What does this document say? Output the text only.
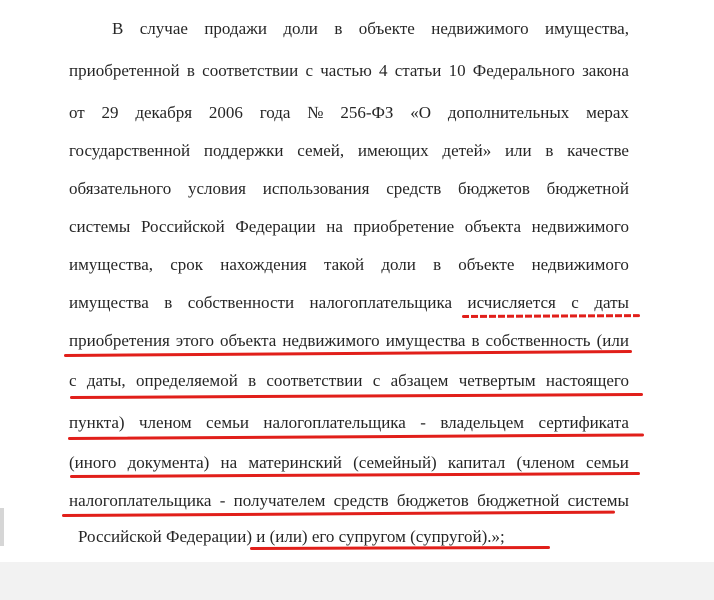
В случае продажи доли в объекте недвижимого имущества,
приобретенной в соответствии с частью 4 статьи 10 Федерального закона
от 29 декабря 2006 года № 256-ФЗ «О дополнительных мерах
государственной поддержки семей, имеющих детей» или в качестве
обязательного условия использования средств бюджетов бюджетной
системы Российской Федерации на приобретение объекта недвижимого
имущества, срок нахождения такой доли в объекте недвижимого
имущества в собственности налогоплательщика исчисляется с даты
приобретения этого объекта недвижимого имущества в собственность (или
с даты, определяемой в соответствии с абзацем четвертым настоящего
пункта) членом семьи налогоплательщика - владельцем сертификата
(иного документа) на материнский (семейный) капитал (членом семьи
налогоплательщика - получателем средств бюджетов бюджетной системы
Российской Федерации) и (или) его супругом (супругой).»;
